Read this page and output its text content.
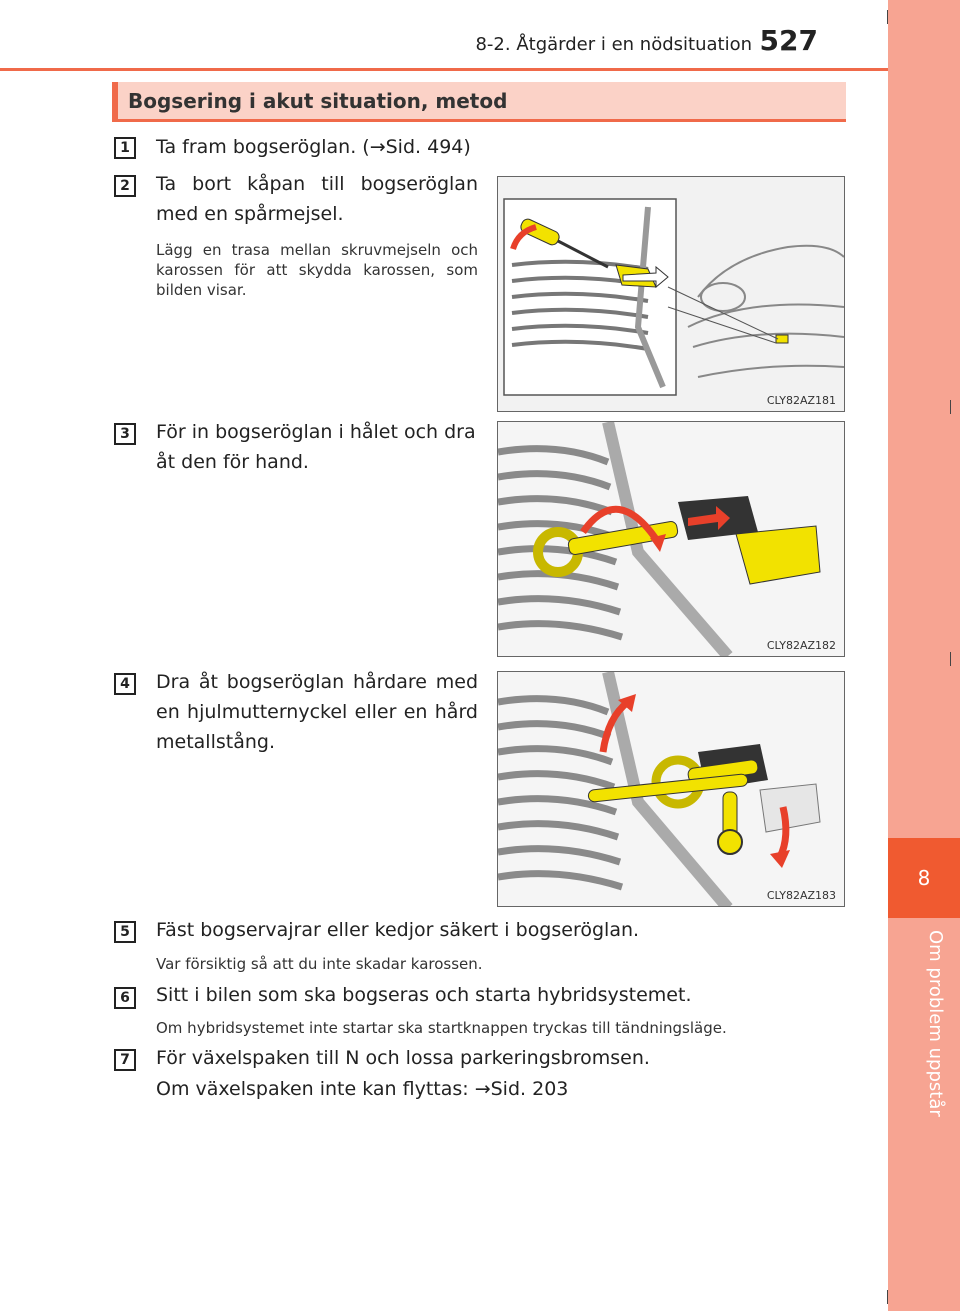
8-2. Åtgärder i en nödsituation 527
8
Om problem uppstår
Bogsering i akut situation, metod
1	Ta fram bogseröglan. (→Sid. 494)
2	Ta bort kåpan till bogseröglan med en spårmejsel.
Lägg en trasa mellan skruvmejseln och karossen för att skydda karossen, som bilden visar.
CLY82AZ181
3	För in bogseröglan i hålet och dra åt den för hand.
CLY82AZ182
4	Dra åt bogseröglan hårdare med en hjulmutternyckel eller en hård metallstång.
CLY82AZ183
5	Fäst bogservajrar eller kedjor säkert i bogseröglan.
Var försiktig så att du inte skadar karossen.
6	Sitt i bilen som ska bogseras och starta hybridsystemet.
Om hybridsystemet inte startar ska startknappen tryckas till tändningsläge.
7	För växelspaken till N och lossa parkeringsbromsen.
Om växelspaken inte kan flyttas: →Sid. 203
